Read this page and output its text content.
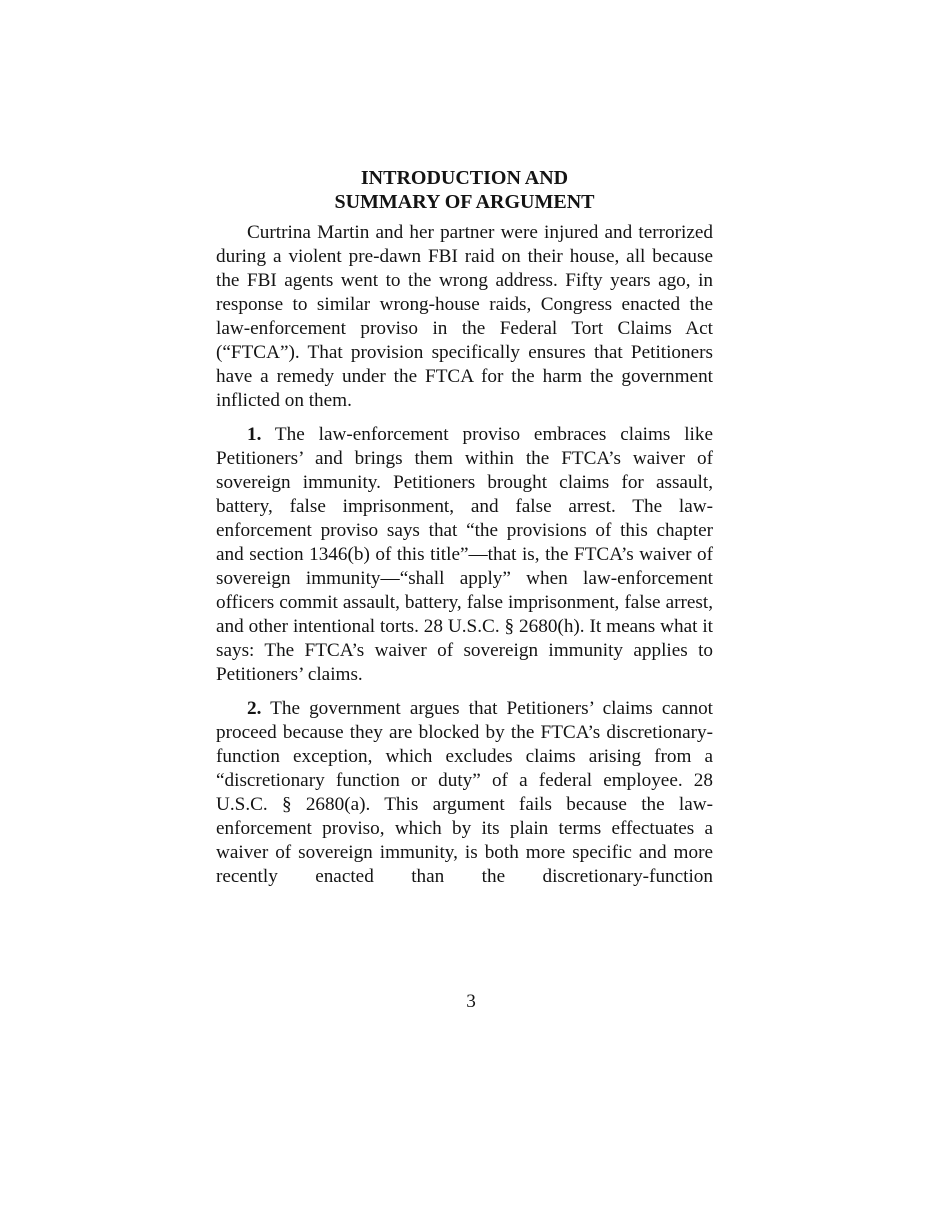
INTRODUCTION AND
SUMMARY OF ARGUMENT

Curtrina Martin and her partner were injured and terrorized during a violent pre-dawn FBI raid on their house, all because the FBI agents went to the wrong address. Fifty years ago, in response to similar wrong-house raids, Congress enacted the law-enforcement proviso in the Federal Tort Claims Act (“FTCA”). That provision specifically ensures that Petitioners have a remedy under the FTCA for the harm the government inflicted on them.

1. The law-enforcement proviso embraces claims like Petitioners’ and brings them within the FTCA’s waiver of sovereign immunity. Petitioners brought claims for assault, battery, false imprisonment, and false arrest. The law-enforcement proviso says that “the provisions of this chapter and section 1346(b) of this title”—that is, the FTCA’s waiver of sovereign immunity—“shall apply” when law-enforcement officers commit assault, battery, false imprisonment, false arrest, and other intentional torts. 28 U.S.C. § 2680(h). It means what it says: The FTCA’s waiver of sovereign immunity applies to Petitioners’ claims.

2. The government argues that Petitioners’ claims cannot proceed because they are blocked by the FTCA’s discretionary-function exception, which excludes claims arising from a “discretionary function or duty” of a federal employee. 28 U.S.C. § 2680(a). This argument fails because the law-enforcement proviso, which by its plain terms effectuates a waiver of sovereign immunity, is both more specific and more recently enacted than the discretionary-function

3
